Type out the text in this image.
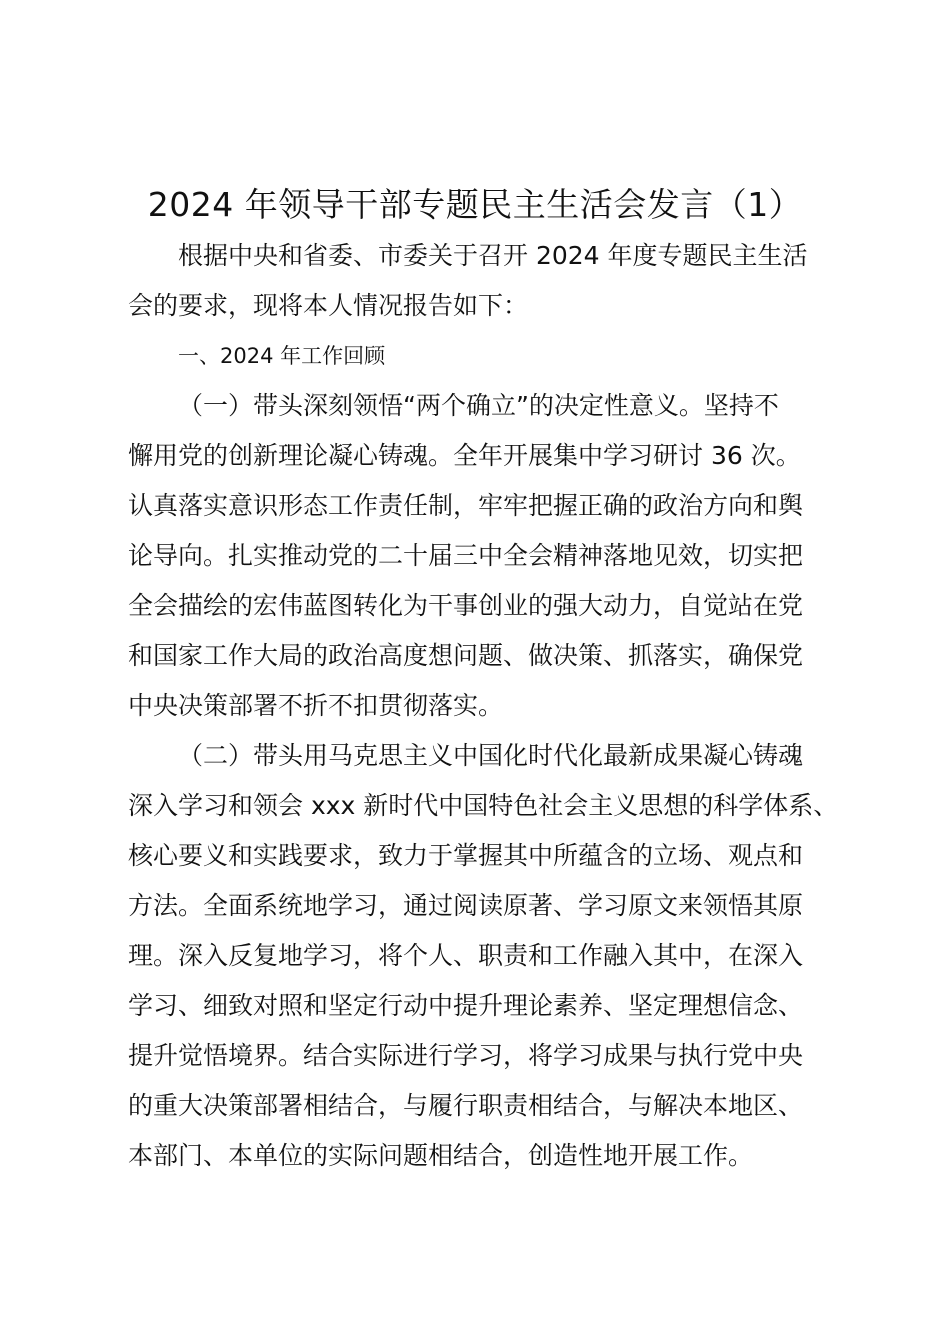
2024 年领导干部专题民主生活会发言（1）
根据中央和省委、市委关于召开 2024 年度专题民主生活
会的要求，现将本人情况报告如下：
一、2024 年工作回顾
（一）带头深刻领悟“两个确立”的决定性意义。坚持不
懈用党的创新理论凝心铸魂。全年开展集中学习研讨 36 次。
认真落实意识形态工作责任制，牢牢把握正确的政治方向和舆
论导向。扎实推动党的二十届三中全会精神落地见效，切实把
全会描绘的宏伟蓝图转化为干事创业的强大动力，自觉站在党
和国家工作大局的政治高度想问题、做决策、抓落实，确保党
中央决策部署不折不扣贯彻落实。
（二）带头用马克思主义中国化时代化最新成果凝心铸魂
深入学习和领会 xxx 新时代中国特色社会主义思想的科学体系、
核心要义和实践要求，致力于掌握其中所蕴含的立场、观点和
方法。全面系统地学习，通过阅读原著、学习原文来领悟其原
理。深入反复地学习，将个人、职责和工作融入其中，在深入
学习、细致对照和坚定行动中提升理论素养、坚定理想信念、
提升觉悟境界。结合实际进行学习，将学习成果与执行党中央
的重大决策部署相结合，与履行职责相结合，与解决本地区、
本部门、本单位的实际问题相结合，创造性地开展工作。
